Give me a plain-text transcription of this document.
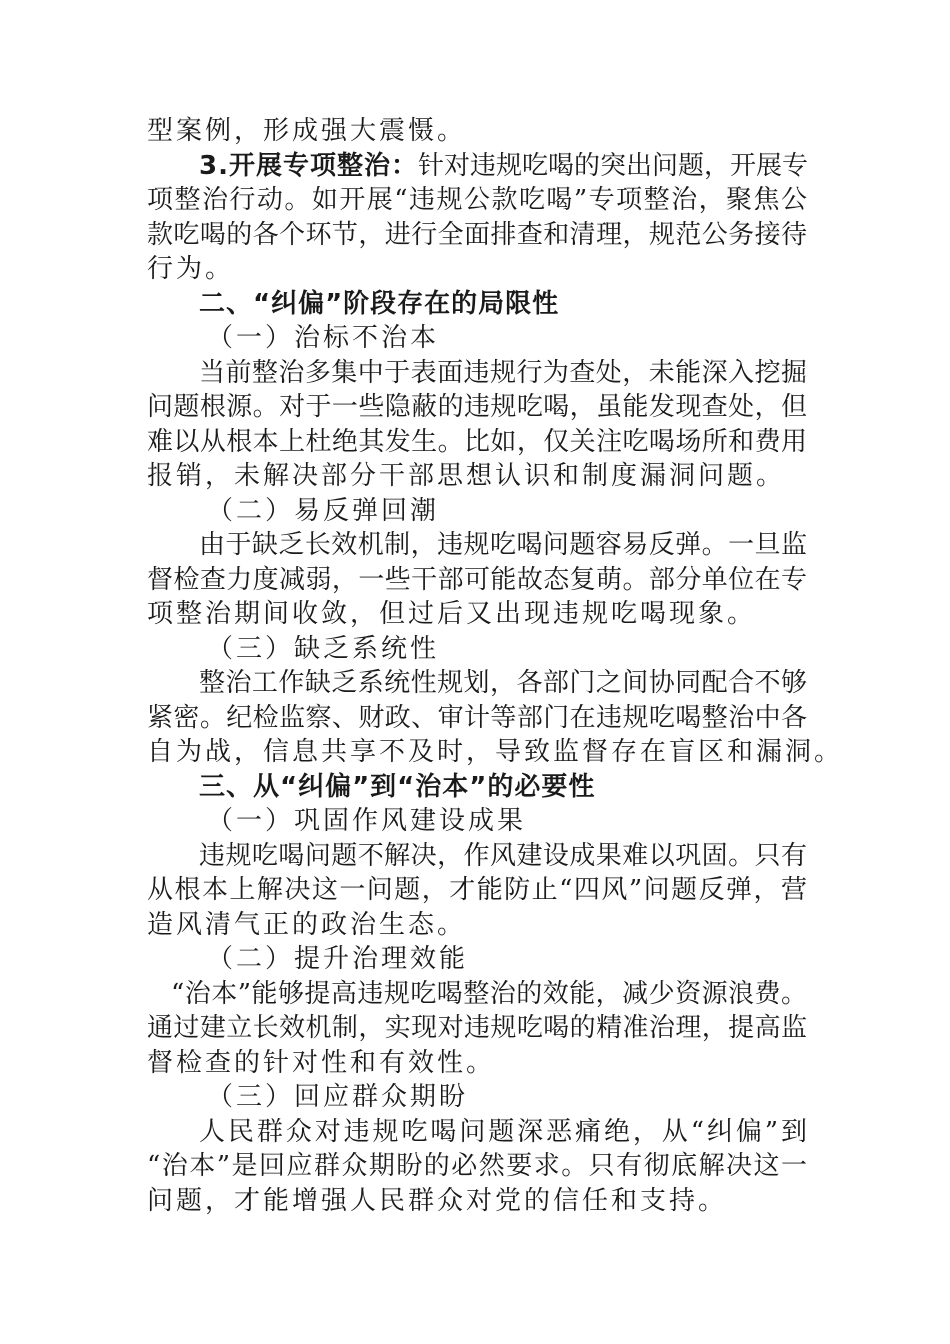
型案例，形成强大震慑。
3.开展专项整治：针对违规吃喝的突出问题，开展专
项整治行动。如开展“违规公款吃喝”专项整治，聚焦公
款吃喝的各个环节，进行全面排查和清理，规范公务接待
行为。
二、“纠偏”阶段存在的局限性
（一）治标不治本
当前整治多集中于表面违规行为查处，未能深入挖掘
问题根源。对于一些隐蔽的违规吃喝，虽能发现查处，但
难以从根本上杜绝其发生。比如，仅关注吃喝场所和费用
报销，未解决部分干部思想认识和制度漏洞问题。
（二）易反弹回潮
由于缺乏长效机制，违规吃喝问题容易反弹。一旦监
督检查力度减弱，一些干部可能故态复萌。部分单位在专
项整治期间收敛，但过后又出现违规吃喝现象。
（三）缺乏系统性
整治工作缺乏系统性规划，各部门之间协同配合不够
紧密。纪检监察、财政、审计等部门在违规吃喝整治中各
自为战，信息共享不及时，导致监督存在盲区和漏洞。
三、从“纠偏”到“治本”的必要性
（一）巩固作风建设成果
违规吃喝问题不解决，作风建设成果难以巩固。只有
从根本上解决这一问题，才能防止“四风”问题反弹，营
造风清气正的政治生态。
（二）提升治理效能
“治本”能够提高违规吃喝整治的效能，减少资源浪费。
通过建立长效机制，实现对违规吃喝的精准治理，提高监
督检查的针对性和有效性。
（三）回应群众期盼
人民群众对违规吃喝问题深恶痛绝，从“纠偏”到
“治本”是回应群众期盼的必然要求。只有彻底解决这一
问题，才能增强人民群众对党的信任和支持。
